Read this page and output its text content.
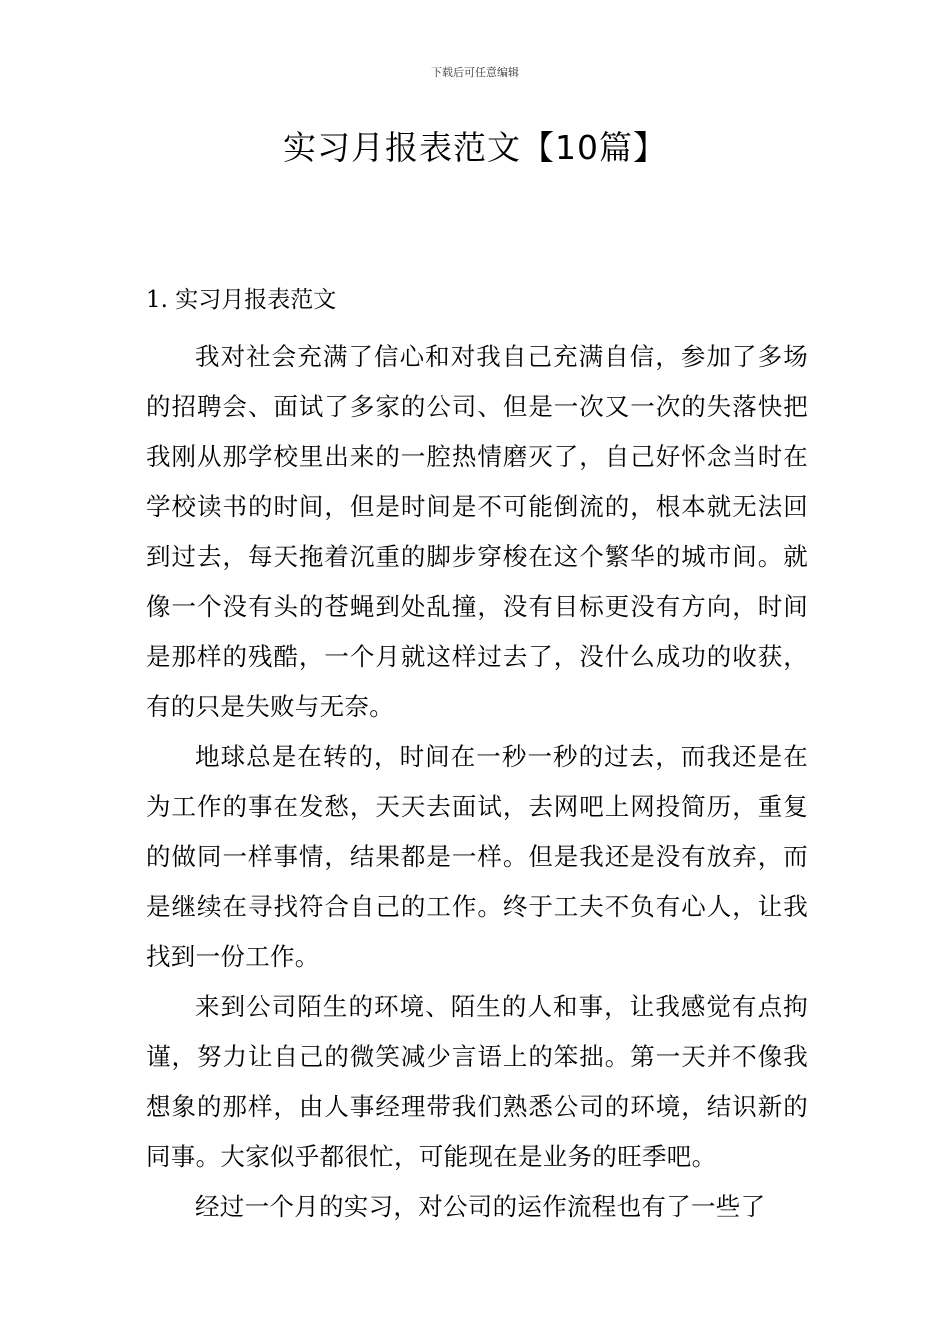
下载后可任意编辑
实习月报表范文【10篇】
1. 实习月报表范文

我对社会充满了信心和对我自己充满自信，参加了多场的招聘会、面试了多家的公司、但是一次又一次的失落快把我刚从那学校里出来的一腔热情磨灭了，自己好怀念当时在学校读书的时间，但是时间是不可能倒流的，根本就无法回到过去，每天拖着沉重的脚步穿梭在这个繁华的城市间。就像一个没有头的苍蝇到处乱撞，没有目标更没有方向，时间是那样的残酷，一个月就这样过去了，没什么成功的收获，有的只是失败与无奈。

地球总是在转的，时间在一秒一秒的过去，而我还是在为工作的事在发愁，天天去面试，去网吧上网投简历，重复的做同一样事情，结果都是一样。但是我还是没有放弃，而是继续在寻找符合自己的工作。终于工夫不负有心人，让我找到一份工作。

来到公司陌生的环境、陌生的人和事，让我感觉有点拘谨，努力让自己的微笑减少言语上的笨拙。第一天并不像我想象的那样，由人事经理带我们熟悉公司的环境，结识新的同事。大家似乎都很忙，可能现在是业务的旺季吧。

经过一个月的实习，对公司的运作流程也有了一些了
